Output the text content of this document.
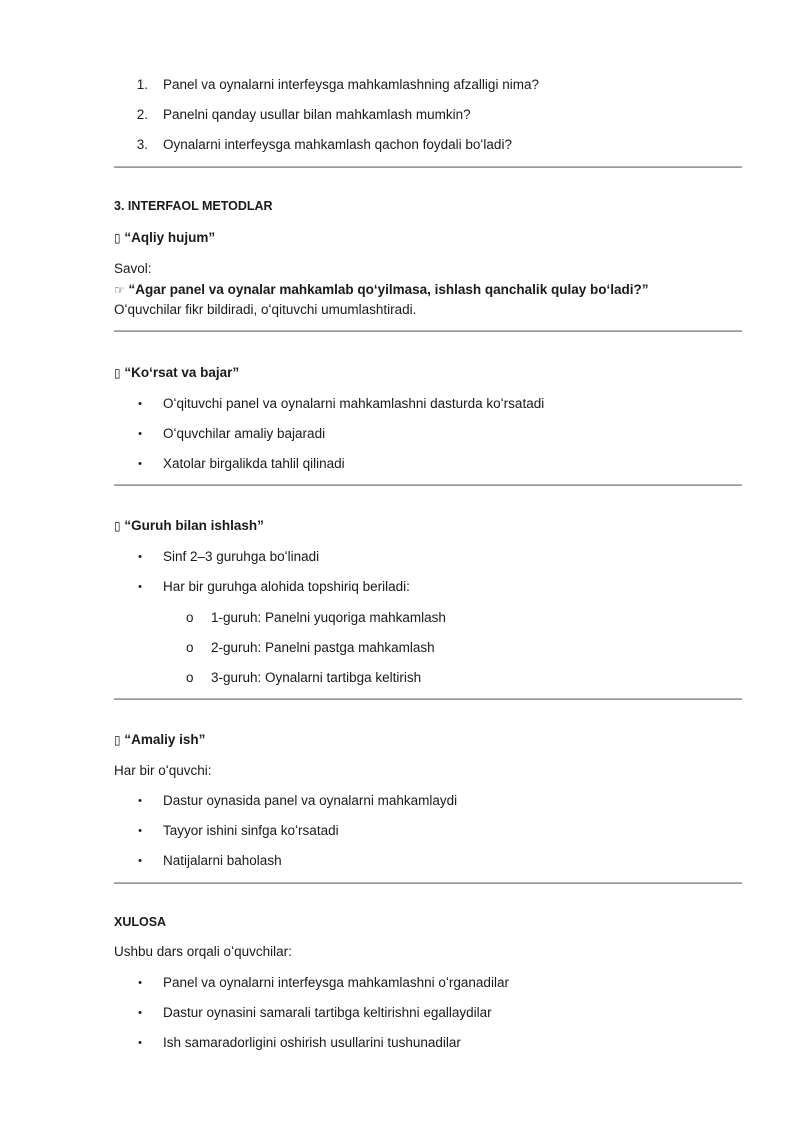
1. Panel va oynalarni interfeysga mahkamlashning afzalligi nima?
2. Panelni qanday usullar bilan mahkamlash mumkin?
3. Oynalarni interfeysga mahkamlash qachon foydali boʻladi?
3. INTERFAOL METODLAR
▯ “Aqliy hujum”
Savol:
☞ “Agar panel va oynalar mahkamlab qoʻyilmasa, ishlash qanchalik qulay boʻladi?”
Oʻquvchilar fikr bildiradi, oʻqituvchi umumlashtiradi.
▯ “Koʻrsat va bajar”
• Oʻqituvchi panel va oynalarni mahkamlashni dasturda koʻrsatadi
• Oʻquvchilar amaliy bajaradi
• Xatolar birgalikda tahlil qilinadi
▯ “Guruh bilan ishlash”
• Sinf 2–3 guruhga boʻlinadi
• Har bir guruhga alohida topshiriq beriladi:
o 1-guruh: Panelni yuqoriga mahkamlash
o 2-guruh: Panelni pastga mahkamlash
o 3-guruh: Oynalarni tartibga keltirish
▯ “Amaliy ish”
Har bir oʻquvchi:
• Dastur oynasida panel va oynalarni mahkamlaydi
• Tayyor ishini sinfga koʻrsatadi
• Natijalarni baholash
XULOSA
Ushbu dars orqali oʻquvchilar:
• Panel va oynalarni interfeysga mahkamlashni oʻrganadilar
• Dastur oynasini samarali tartibga keltirishni egallaydilar
• Ish samaradorligini oshirish usullarini tushunadilar
